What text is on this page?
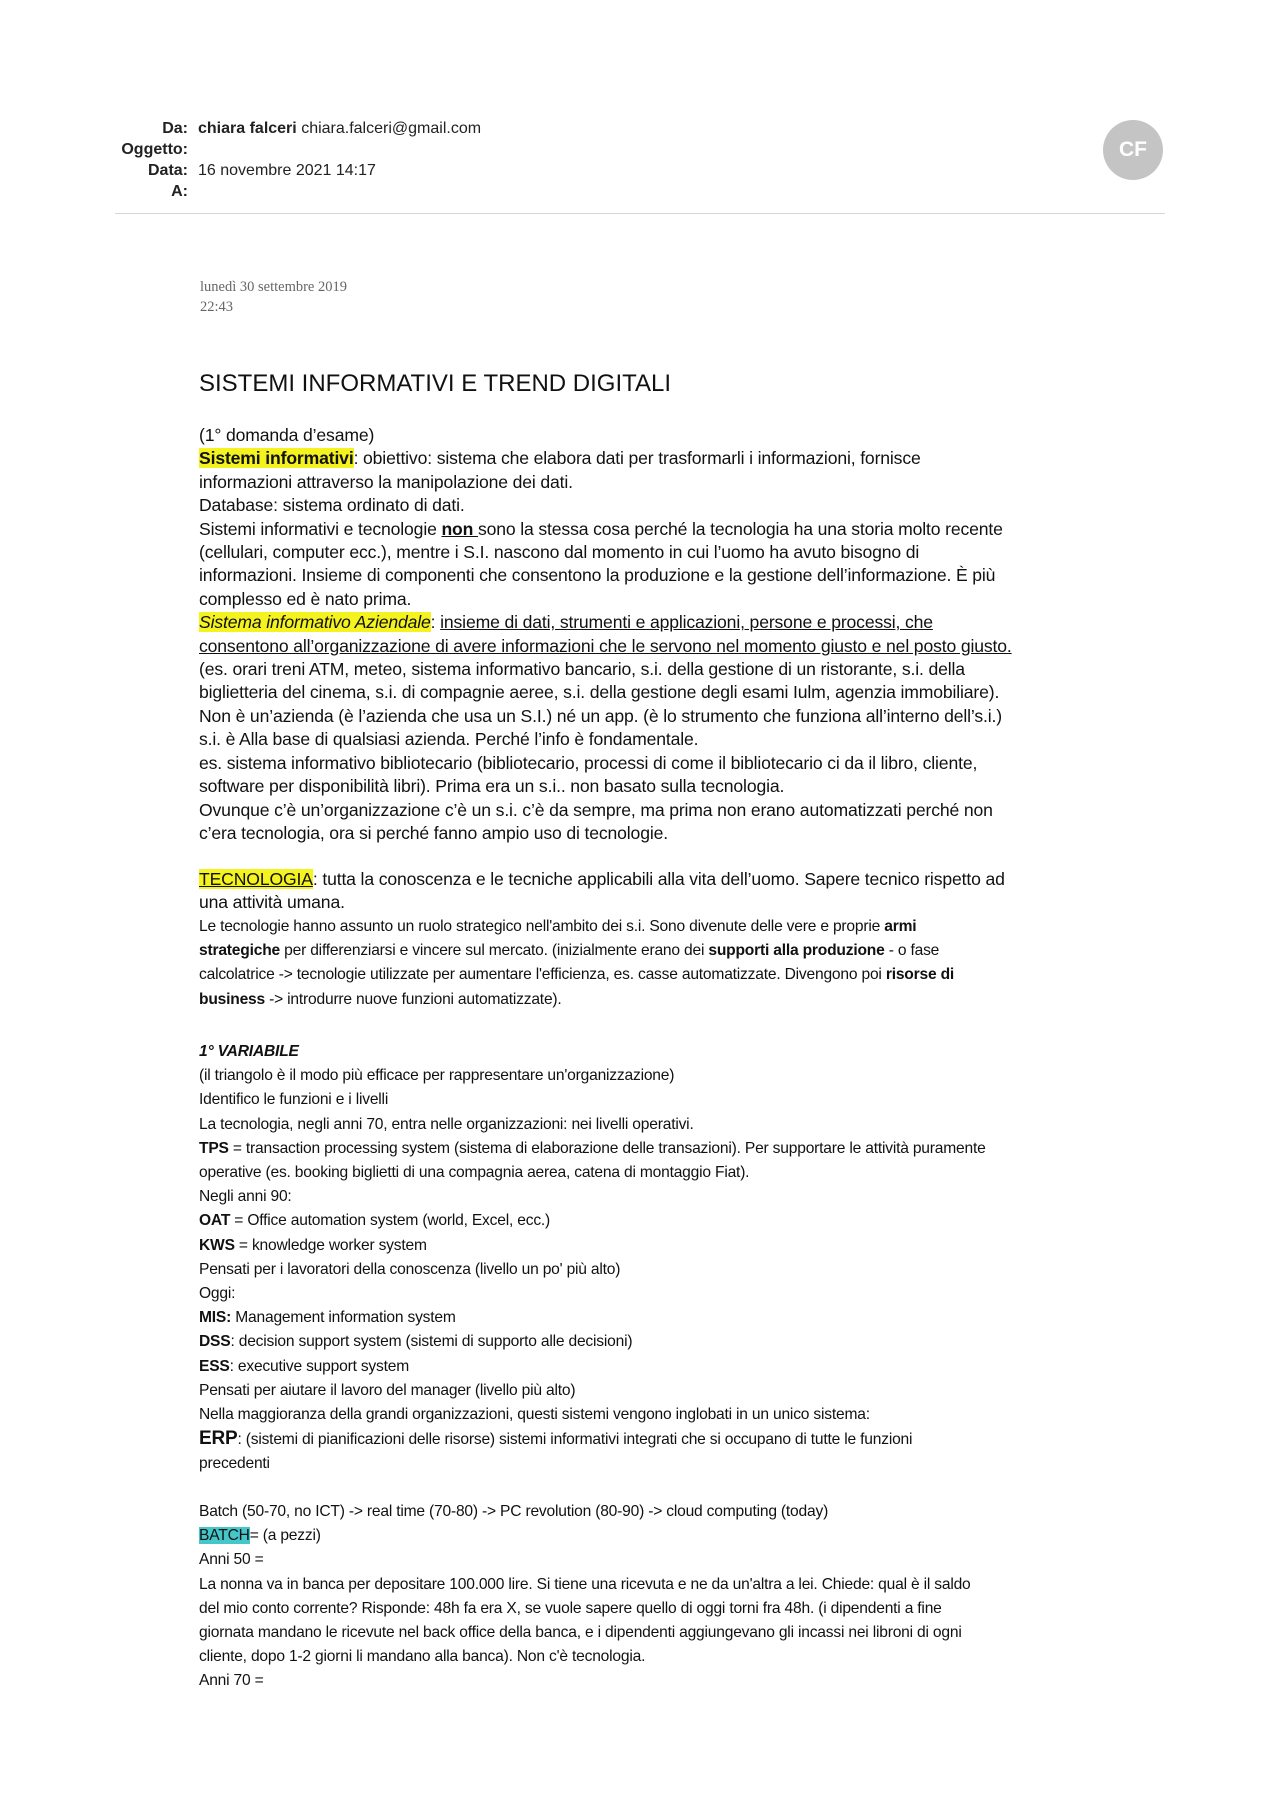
Da: chiara falceri chiara.falceri@gmail.com
Oggetto:
Data: 16 novembre 2021 14:17
A:
CF
lunedì 30 settembre 2019
22:43
SISTEMI INFORMATIVI E TREND DIGITALI

(1° domanda d’esame)

Sistemi informativi: obiettivo: sistema che elabora dati per trasformarli i informazioni, fornisce

informazioni attraverso la manipolazione dei dati.

Database: sistema ordinato di dati.

Sistemi informativi e tecnologie non sono la stessa cosa perché la tecnologia ha una storia molto recente

(cellulari, computer ecc.), mentre i S.I. nascono dal momento in cui l’uomo ha avuto bisogno di

informazioni. Insieme di componenti che consentono la produzione e la gestione dell’informazione. È più

complesso ed è nato prima.

Sistema informativo Aziendale: insieme di dati, strumenti e applicazioni, persone e processi, che

consentono all’organizzazione di avere informazioni che le servono nel momento giusto e nel posto giusto.

(es. orari treni ATM, meteo, sistema informativo bancario, s.i. della gestione di un ristorante, s.i. della

biglietteria del cinema, s.i. di compagnie aeree, s.i. della gestione degli esami Iulm, agenzia immobiliare).

Non è un’azienda (è l’azienda che usa un S.I.) né un app. (è lo strumento che funziona all’interno dell’s.i.)

s.i. è Alla base di qualsiasi azienda. Perché l’info è fondamentale.

es. sistema informativo bibliotecario (bibliotecario, processi di come il bibliotecario ci da il libro, cliente,

software per disponibilità libri). Prima era un s.i.. non basato sulla tecnologia.

Ovunque c’è un’organizzazione c’è un s.i. c’è da sempre, ma prima non erano automatizzati perché non

c’era tecnologia, ora si perché fanno ampio uso di tecnologie.

TECNOLOGIA: tutta la conoscenza e le tecniche applicabili alla vita dell’uomo. Sapere tecnico rispetto ad

una attività umana.

Le tecnologie hanno assunto un ruolo strategico nell'ambito dei s.i. Sono divenute delle vere e proprie armi

strategiche per differenziarsi e vincere sul mercato. (inizialmente erano dei supporti alla produzione - o fase

calcolatrice -> tecnologie utilizzate per aumentare l'efficienza, es. casse automatizzate. Divengono poi risorse di

business -> introdurre nuove funzioni automatizzate).

1° VARIABILE

(il triangolo è il modo più efficace per rappresentare un'organizzazione)

Identifico le funzioni e i livelli

La tecnologia, negli anni 70, entra nelle organizzazioni: nei livelli operativi.

TPS = transaction processing system (sistema di elaborazione delle transazioni). Per supportare le attività puramente

operative (es. booking biglietti di una compagnia aerea, catena di montaggio Fiat).

Negli anni 90:

OAT = Office automation system (world, Excel, ecc.)

KWS = knowledge worker system

Pensati per i lavoratori della conoscenza (livello un po' più alto)

Oggi:

MIS: Management information system

DSS: decision support system (sistemi di supporto alle decisioni)

ESS: executive support system

Pensati per aiutare il lavoro del manager (livello più alto)

Nella maggioranza della grandi organizzazioni, questi sistemi vengono inglobati in un unico sistema:

ERP: (sistemi di pianificazioni delle risorse) sistemi informativi integrati che si occupano di tutte le funzioni

precedenti

Batch (50-70, no ICT) -> real time (70-80) -> PC revolution (80-90) -> cloud computing (today)

BATCH= (a pezzi)

Anni 50 =

La nonna va in banca per depositare 100.000 lire. Si tiene una ricevuta e ne da un'altra a lei. Chiede: qual è il saldo

del mio conto corrente? Risponde: 48h fa era X, se vuole sapere quello di oggi torni fra 48h. (i dipendenti a fine

giornata mandano le ricevute nel back office della banca, e i dipendenti aggiungevano gli incassi nei libroni di ogni

cliente, dopo 1-2 giorni li mandano alla banca). Non c'è tecnologia.

Anni 70 =
